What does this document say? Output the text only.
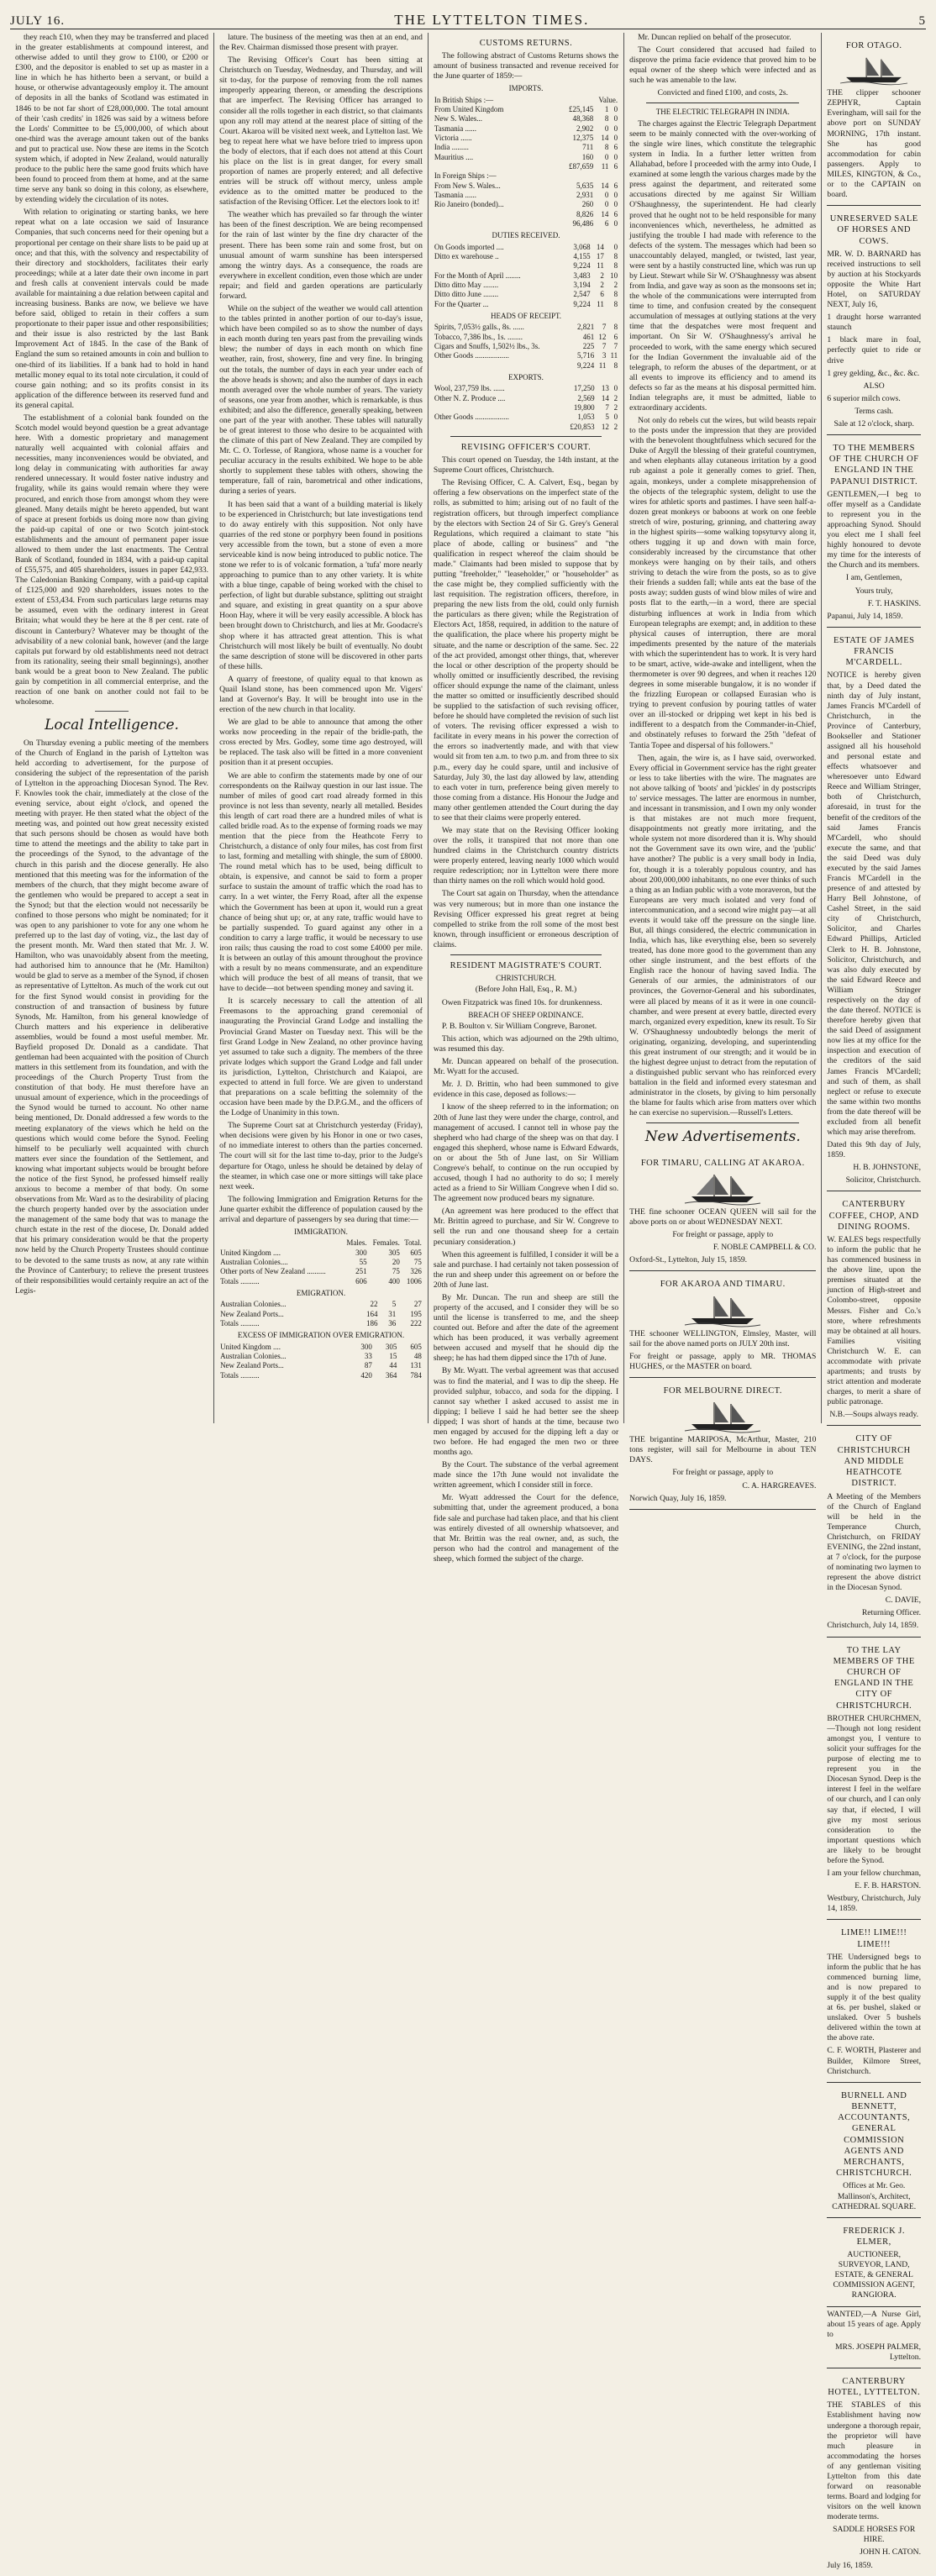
JULY 16.	THE LYTTELTON TIMES.	5

they reach £10, when they may be transferred and placed in the greater establishments at compound interest, and otherwise added to until they grow to £100, or £200 or £300, and the depositor is enabled to set up as master in a line in which he has hitherto been a servant, or build a house, or otherwise advantageously employ it. The amount of deposits in all the banks of Scotland was estimated in 1846 to be not far short of £28,000,000. The total amount of their 'cash credits' in 1826 was said by a witness before the Lords' Committee to be £5,000,000, of which about one-third was the average amount taken out of the banks and put to practical use. Now these are items in the Scotch system which, if adopted in New Zealand, would naturally produce to the public here the same good fruits which have been found to proceed from them at home, and at the same time serve any bank so doing in this colony, as elsewhere, by extending widely the circulation of its notes.

With relation to originating or starting banks, we here repeat what on a late occasion we said of Insurance Companies, that such concerns need for their opening but a proportional per centage on their share lists to be paid up at once; and that this, with the solvency and respectability of their directory and stockholders, facilitates their early proceedings; while at a later date their own income in part and fresh calls at convenient intervals could be made available for maintaining a due relation between capital and increasing business. Banks are now, we believe we have before said, obliged to retain in their coffers a sum proportionate to their paper issue and other responsibilities; and their issue is also restricted by the last Bank Improvement Act of 1845. In the case of the Bank of England the sum so retained amounts in coin and bullion to one-third of its liabilities. If a bank had to hold in hand metallic money equal to its total note circulation, it could of course gain nothing; and so its profits consist in its application of the difference between its reserved fund and its general capital.

The establishment of a colonial bank founded on the Scotch model would beyond question be a great advantage here. With a domestic proprietary and management naturally well acquainted with colonial affairs and necessities, many inconveniences would be obviated, and long delay in communicating with authorities far away rendered unnecessary. It would foster native industry and frugality, while its gains would remain where they were procured, and enrich those from amongst whom they were gleaned. Many details might be hereto appended, but want of space at present forbids us doing more now than giving the paid-up capital of one or two Scotch joint-stock establishments and the amount of permanent paper issue allowed to them under the last enactments. The Central Bank of Scotland, founded in 1834, with a paid-up capital of £55,575, and 405 shareholders, issues in paper £42,933. The Caledonian Banking Company, with a paid-up capital of £125,000 and 920 shareholders, issues notes to the extent of £53,434. From such particulars large returns may be assumed, even with the ordinary interest in Great Britain; what would they be here at the 8 per cent. rate of discount in Canterbury? Whatever may be thought of the advisability of a new colonial bank, however (and the large capitals put forward by old establishments need not detract from its rationality, seeing their small beginnings), another bank would be a great boon to New Zealand. The public gain by competition in all commercial enterprise, and the reaction of one bank on another could not fail to be wholesome.

Local Intelligence.

On Thursday evening a public meeting of the members of the Church of England in the parish of Lyttelton was held according to advertisement, for the purpose of considering the subject of the representation of the parish of Lyttelton in the approaching Diocesan Synod. The Rev. F. Knowles took the chair, immediately at the close of the evening service, about eight o'clock, and opened the meeting with prayer. He then stated what the object of the meeting was, and pointed out how great necessity existed that such persons should be chosen as would have both time to attend the meetings and the ability to take part in the proceedings of the Synod, to the advantage of the church in this parish and the diocese generally. He also mentioned that this meeting was for the information of the members of the church, that they might become aware of the gentlemen who would be prepared to accept a seat in the Synod; but that the election would not necessarily be confined to those persons who might be nominated; for it was open to any parishioner to vote for any one whom he preferred up to the last day of voting, viz., the last day of the present month. Mr. Ward then stated that Mr. J. W. Hamilton, who was unavoidably absent from the meeting, had authorised him to announce that he (Mr. Hamilton) would be glad to serve as a member of the Synod, if chosen as representative of Lyttelton. As much of the work cut out for the first Synod would consist in providing for the construction of and transaction of business by future Synods, Mr. Hamilton, from his general knowledge of Church matters and his experience in deliberative assemblies, would be found a most useful member. Mr. Bayfield proposed Dr. Donald as a candidate. That gentleman had been acquainted with the position of Church matters in this settlement from its foundation, and with the proceedings of the Church Property Trust from the constitution of that body. He must therefore have an unusual amount of experience, which in the proceedings of the Synod would be turned to account. No other name being mentioned, Dr. Donald addressed a few words to the meeting explanatory of the views which he held on the questions which would come before the Synod. Feeling himself to be peculiarly well acquainted with church matters ever since the foundation of the Settlement, and knowing what important subjects would be brought before the notice of the first Synod, he professed himself really anxious to become a member of that body. On some observations from Mr. Ward as to the desirability of placing the church property handed over by the association under the management of the same body that was to manage the church estate in the rest of the diocese, Dr. Donald added that his primary consideration would be that the property now held by the Church Property Trustees should continue to be devoted to the same trusts as now, at any rate within the Province of Canterbury; to relieve the present trustees of their responsibilities would certainly require an act of the Legis-

lature. The business of the meeting was then at an end, and the Rev. Chairman dismissed those present with prayer.

The Revising Officer's Court has been sitting at Christchurch on Tuesday, Wednesday, and Thursday, and will sit to-day, for the purpose of removing from the roll names improperly appearing thereon, or amending the descriptions that are imperfect. The Revising Officer has arranged to consider all the rolls together in each district, so that claimants upon any roll may attend at the nearest place of sitting of the Court. Akaroa will be visited next week, and Lyttelton last. We beg to repeat here what we have before tried to impress upon the body of electors, that if each does not attend at this Court his place on the list is in great danger, for every small proportion of names are properly entered; and all defective entries will be struck off without mercy, unless ample evidence as to the omitted matter be produced to the satisfaction of the Revising Officer. Let the electors look to it!

The weather which has prevailed so far through the winter has been of the finest description. We are being recompensed for the rain of last winter by the fine dry character of the present. There has been some rain and some frost, but on unusual amount of warm sunshine has been interspersed among the wintry days. As a consequence, the roads are everywhere in excellent condition, even those which are under repair; and field and garden operations are particularly forward.

While on the subject of the weather we would call attention to the tables printed in another portion of our to-day's issue, which have been compiled so as to show the number of days in each month during ten years past from the prevailing winds blew; the number of days in each month on which fine weather, rain, frost, showery, fine and very fine. In bringing out the totals, the number of days in each year under each of the above heads is shown; and also the number of days in each month averaged over the whole number of years. The variety of seasons, one year from another, which is remarkable, is thus exhibited; and also the difference, generally speaking, between one part of the year with another. These tables will naturally be of great interest to those who desire to be acquainted with the climate of this part of New Zealand. They are compiled by Mr. C. O. Torlesse, of Rangiora, whose name is a voucher for peculiar accuracy in the results exhibited. We hope to be able shortly to supplement these tables with others, showing the temperature, fall of rain, barometrical and other indications, during a series of years.

It has been said that a want of a building material is likely to be experienced in Christchurch; but late investigations tend to do away entirely with this supposition. Not only have quarries of the red stone or porphyry been found in positions very accessible from the town, but a stone of even a more serviceable kind is now being introduced to public notice. The stone we refer to is of volcanic formation, a 'tufa' more nearly approaching to pumice than to any other variety. It is white with a blue tinge, capable of being worked with the chisel to perfection, of light but durable substance, splitting out straight and square, and existing in great quantity on a spur above Hoon Hay, where it will be very easily accessible. A block has been brought down to Christchurch, and lies at Mr. Goodacre's shop where it has attracted great attention. This is what Christchurch will most likely be built of eventually. No doubt the same description of stone will be discovered in other parts of these hills.

A quarry of freestone, of quality equal to that known as Quail Island stone, has been commenced upon Mr. Vigers' land at Governor's Bay. It will be brought into use in the erection of the new church in that locality.

We are glad to be able to announce that among the other works now proceeding in the repair of the bridle-path, the cross erected by Mrs. Godley, some time ago destroyed, will be replaced. The task also will be fitted in a more convenient position than it at present occupies.

We are able to confirm the statements made by one of our correspondents on the Railway question in our last issue. The number of miles of good cart road already formed in this province is not less than seventy, nearly all metalled. Besides this length of cart road there are a hundred miles of what is called bridle road. As to the expense of forming roads we may mention that the piece from the Heathcote Ferry to Christchurch, a distance of only four miles, has cost from first to last, forming and metalling with shingle, the sum of £8000. The round metal which has to be used, being difficult to obtain, is expensive, and cannot be said to form a proper surface to sustain the amount of traffic which the road has to carry. In a wet winter, the Ferry Road, after all the expense which the Government has been at upon it, would run a great chance of being shut up; or, at any rate, traffic would have to be partially suspended. To guard against any other in a condition to carry a large traffic, it would be necessary to use iron rails; thus causing the road to cost some £4000 per mile. It is between an outlay of this amount throughout the province with a result by no means commensurate, and an expenditure which will produce the best of all means of transit, that we have to decide—not between spending money and saving it.

It is scarcely necessary to call the attention of all Freemasons to the approaching grand ceremonial of inaugurating the Provincial Grand Lodge and installing the Provincial Grand Master on Tuesday next. This will be the first Grand Lodge in New Zealand, no other province having yet assumed to take such a dignity. The members of the three private lodges which support the Grand Lodge and fall under its jurisdiction, Lyttelton, Christchurch and Kaiapoi, are expected to attend in full force. We are given to understand that preparations on a scale befitting the solemnity of the occasion have been made by the D.P.G.M., and the officers of the Lodge of Unanimity in this town.

The Supreme Court sat at Christchurch yesterday (Friday), when decisions were given by his Honor in one or two cases, of no immediate interest to others than the parties concerned. The court will sit for the last time to-day, prior to the Judge's departure for Otago, unless he should be detained by delay of the steamer, in which case one or more sittings will take place next week.

The following Immigration and Emigration Returns for the June quarter exhibit the difference of population caused by the arrival and departure of passengers by sea during that time:—

IMMIGRATION.
	Males.	Females.	Total.
United Kingdom ....	300	305	605
Australian Colonies....	55	20	75
Other ports of New Zealand ..........	251	75	326
Totals ..........	606	400	1006
EMIGRATION.
Australian Colonies...	22	5	27
New Zealand Ports...	164	31	195
Totals ..........	186	36	222
EXCESS OF IMMIGRATION OVER EMIGRATION.
United Kingdom ....	300	305	605
Australian Colonies...	33	15	48
New Zealand Ports...	87	44	131
Totals ..........	420	364	784
CUSTOMS RETURNS.

The following abstract of Customs Returns shows the amount of business transacted and revenue received for the June quarter of 1859:—

IMPORTS.
In British Ships :—	Value.		
From United Kingdom	£25,145	1	0
New S. Wales...	48,368	8	0
Tasmania ......	2,902	0	0
Victoria ......	12,375	14	0
India .........	711	8	6
Mauritius ....	160	0	0
	£87,659	11	6
In Foreign Ships :—			
From New S. Wales...	5,635	14	6
Tasmania ......	2,931	0	0
Rio Janeiro (bonded)...	260	0	0
	8,826	14	6
	96,486	6	0
DUTIES RECEIVED.
On Goods imported ....	3,068	14	0
Ditto ex warehouse ..	4,155	17	8
	9,224	11	8
For the Month of April ........	3,483	2	10
Ditto ditto May ........	3,194	2	2
Ditto ditto June ........	2,547	6	8
For the Quarter ...	9,224	11	8
HEADS OF RECEIPT.
Spirits, 7,053½ galls., 8s. ......	2,821	7	8
Tobacco, 7,386 lbs., 1s. ........	461	12	6
Cigars and Snuffs, 1,502½ lbs., 3s.	225	7	7
Other Goods ..................	5,716	3	11
	9,224	11	8
EXPORTS.
Wool, 237,759 lbs. ......	17,250	13	0
Other N. Z. Produce ....	2,569	14	2
	19,800	7	2
Other Goods ..................	1,053	5	0
	£20,853	12	2
REVISING OFFICER'S COURT.

This court opened on Tuesday, the 14th instant, at the Supreme Court offices, Christchurch.

The Revising Officer, C. A. Calvert, Esq., began by offering a few observations on the imperfect state of the rolls, as submitted to him; arising out of no fault of the registration officers, but through imperfect compliance by the electors with Section 24 of Sir G. Grey's General Regulations, which required a claimant to state "his place of abode, calling or business" and "the qualification in respect whereof the claim should be made." Claimants had been misled to suppose that by putting "freeholder," "leaseholder," or "householder" as the case might be, they complied sufficiently with the last requisition. The registration officers, therefore, in preparing the new lists from the old, could only furnish the particulars as there given; while the Registration of Electors Act, 1858, required, in addition to the nature of the qualification, the place where his property might be situate, and the name or description of the same. Sec. 22 of the act provided, amongst other things, that, wherever the local or other description of the property should be wholly omitted or insufficiently described, the revising officer should expunge the name of the claimant, unless the matter so omitted or insufficiently described should be supplied to the satisfaction of such revising officer, before he should have completed the revision of such list of voters. The revising officer expressed a wish to facilitate in every means in his power the correction of the errors so inadvertently made, and with that view would sit from ten a.m. to two p.m. and from three to six p.m., every day he could spare, until and inclusive of Saturday, July 30, the last day allowed by law, attending to each voter in turn, preference being given merely to those coming from a distance. His Honour the Judge and many other gentlemen attended the Court during the day to see that their claims were properly entered.

We may state that on the Revising Officer looking over the rolls, it transpired that not more than one hundred claims in the Christchurch country districts were properly entered, leaving nearly 1000 which would require redescription; nor in Lyttelton were there more than thirty names on the roll which would hold good.

The Court sat again on Thursday, when the attendance was very numerous; but in more than one instance the Revising Officer expressed his great regret at being compelled to strike from the roll some of the most best known, through insufficient or erroneous description of claims.

RESIDENT MAGISTRATE'S COURT.
CHRISTCHURCH.

(Before John Hall, Esq., R. M.)

Owen Fitzpatrick was fined 10s. for drunkenness.

BREACH OF SHEEP ORDINANCE.

P. B. Boulton v. Sir William Congreve, Baronet.

This action, which was adjourned on the 29th ultimo, was resumed this day.

Mr. Duncan appeared on behalf of the prosecution. Mr. Wyatt for the accused.

Mr. J. D. Brittin, who had been summoned to give evidence in this case, deposed as follows:—

I know of the sheep referred to in the information; on 20th of June last they were under the charge, control, and management of accused. I cannot tell in whose pay the shepherd who had charge of the sheep was on that day. I engaged this shepherd, whose name is Edward Edwards, on or about the 5th of June last, on Sir William Congreve's behalf, to continue on the run occupied by accused, though I had no authority to do so; I merely acted as a friend to Sir William Congreve when I did so. The agreement now produced bears my signature.

(An agreement was here produced to the effect that Mr. Brittin agreed to purchase, and Sir W. Congreve to sell the run and one thousand sheep for a certain pecuniary consideration.)

When this agreement is fulfilled, I consider it will be a sale and purchase. I had certainly not taken possession of the run and sheep under this agreement on or before the 20th of June last.

By Mr. Duncan. The run and sheep are still the property of the accused, and I consider they will be so until the license is transferred to me, and the sheep counted out. Before and after the date of the agreement which has been produced, it was verbally agreement between accused and myself that he should dip the sheep; he has had them dipped since the 17th of June.

By Mr. Wyatt. The verbal agreement was that accused was to find the material, and I was to dip the sheep. He provided sulphur, tobacco, and soda for the dipping. I cannot say whether I asked accused to assist me in dipping; I believe I said he had better see the sheep dipped; I was short of hands at the time, because two men engaged by accused for the dipping left a day or two before. He had engaged the men two or three months ago.

By the Court. The substance of the verbal agreement made since the 17th June would not invalidate the written agreement, which I consider still in force.

Mr. Wyatt addressed the Court for the defence, submitting that, under the agreement produced, a bona fide sale and purchase had taken place, and that his client was entirely divested of all ownership whatsoever, and that Mr. Brittin was the real owner, and, as such, the person who had the control and management of the sheep, which formed the subject of the charge.

Mr. Duncan replied on behalf of the prosecutor.

The Court considered that accused had failed to disprove the prima facie evidence that proved him to be equal owner of the sheep which were infected and as such he was amenable to the law.

Convicted and fined £100, and costs, 2s.

THE ELECTRIC TELEGRAPH IN INDIA.

The charges against the Electric Telegraph Department seem to be mainly connected with the over-working of the single wire lines, which constitute the telegraphic system in India. In a further letter written from Allahabad, before I proceeded with the army into Oude, I examined at some length the various charges made by the press against the department, and reiterated some accusations directed by me against Sir William O'Shaughnessy, the superintendent. He had clearly proved that he ought not to be held responsible for many inconveniences which, nevertheless, he admitted as justifying the trouble I had made with reference to the defects of the system. The messages which had been so unaccountably delayed, mangled, or twisted, last year, were sent by a hastily constructed line, which was run up by Lieut. Stewart while Sir W. O'Shaughnessy was absent from India, and gave way as soon as the monsoons set in; the whole of the communications were interrupted from time to time, and confusion created by the consequent accumulation of messages at outlying stations at the very time that the despatches were most frequent and important. On Sir W. O'Shaughnessy's arrival he proceeded to work, with the same energy which secured for the Indian Government the invaluable aid of the telegraph, to reform the abuses of the department, or at all events to improve its efficiency and to amend its defects so far as the means at his disposal permitted him. Indian telegraphs are, it must be admitted, liable to extraordinary accidents.

Not only do rebels cut the wires, but wild beasts repair to the posts under the impression that they are provided with the benevolent thoughtfulness which secured for the Duke of Argyll the blessing of their grateful countrymen, and when elephants allay cutaneous irritation by a good rub against a pole it generally comes to grief. Then, again, monkeys, under a complete misapprehension of the objects of the telegraphic system, delight to use the wires for athletic sports and pastimes. I have seen half-a-dozen great monkeys or baboons at work on one feeble stretch of wire, posturing, grinning, and chattering away in the highest spirits—some walking topsyturvy along it, others tugging it up and down with main force, considerably increased by the circumstance that other monkeys were hanging on by their tails, and others striving to detach the wire from the posts, so as to give their friends a sudden fall; while ants eat the base of the posts away; sudden gusts of wind blow miles of wire and posts flat to the earth,—in a word, there are special disturbing influences at work in India from which European telegraphs are exempt; and, in addition to these physical causes of interruption, there are moral impediments presented by the nature of the materials with which the superintendent has to work. It is very hard to be smart, active, wide-awake and intelligent, when the thermometer is over 90 degrees, and when it reaches 120 degrees in some miserable bungalow, it is no wonder if the frizzling European or collapsed Eurasian who is trying to prevent confusion by pouring tattles of water over an ill-stocked or dripping wet kept in his bed is indifferent to a despatch from the Commander-in-Chief, and obstinately refuses to forward the 25th "defeat of Tantia Topee and dispersal of his followers."

Then, again, the wire is, as I have said, overworked. Every official in Government service has the right greater or less to take liberties with the wire. The magnates are not above talking of 'boots' and 'pickles' in dy postscripts to' service messages. The latter are enormous in number, and incessant in transmission, and I own my only wonder is that mistakes are not much more frequent, disappointments not greatly more irritating, and the whole system not more disordered than it is. Why should not the Government save its own wire, and the 'public' have another? The public is a very small body in India, for, though it is a tolerably populous country, and has about 200,000,000 inhabitants, no one ever thinks of such a thing as an Indian public with a vote moraveron, but the Europeans are very much isolated and very fond of intercommunication, and a second wire might pay—at all events it would take off the pressure on the single line. But, all things considered, the electric communication in India, which has, like everything else, been so severely treated, has done more good to the government than any other single instrument, and the best efforts of the English race the honour of having saved India. The Generals of our armies, the administrators of our provinces, the Governor-General and his subordinates, were all placed by means of it as it were in one council-chamber, and were present at every battle, directed every march, organized every expedition, knew its result. To Sir W. O'Shaughnessy undoubtedly belongs the merit of originating, organizing, developing, and superintending this great instrument of our strength; and it would be in the highest degree unjust to detract from the reputation of a distinguished public servant who has reinforced every battalion in the field and informed every statesman and administrator in the closets, by giving to him personally the blame for faults which arise from matters over which he can exercise no supervision.—Russell's Letters.

New Advertisements.
FOR TIMARU, CALLING AT AKAROA.

THE fine schooner OCEAN QUEEN will sail for the above ports on or about WEDNESDAY NEXT.

For freight or passage, apply to

F. NOBLE CAMPBELL & CO.

Oxford-St., Lyttelton, July 15, 1859.

FOR AKAROA AND TIMARU.

THE schooner WELLINGTON, Elmsley, Master, will sail for the above named ports on JULY 20th inst.

For freight or passage, apply to MR. THOMAS HUGHES, or the MASTER on board.

FOR MELBOURNE DIRECT.

THE brigantine MARIPOSA, McArthur, Master, 210 tons register, will sail for Melbourne in about TEN DAYS.

For freight or passage, apply to

C. A. HARGREAVES.

Norwich Quay, July 16, 1859.

FOR OTAGO.

THE clipper schooner ZEPHYR, Captain Everingham, will sail for the above port on SUNDAY MORNING, 17th instant. She has good accommodation for cabin passengers. Apply to MILES, KINGTON, & Co., or to the CAPTAIN on board.

UNRESERVED SALE OF HORSES AND COWS.

MR. W. D. BARNARD has received instructions to sell by auction at his Stockyards opposite the White Hart Hotel, on SATURDAY NEXT, July 16,

1 draught horse warranted staunch

1 black mare in foal, perfectly quiet to ride or drive

1 grey gelding, &c., &c. &c.

ALSO

6 superior milch cows.

Terms cash.

Sale at 12 o'clock, sharp.

TO THE MEMBERS OF THE CHURCH OF ENGLAND IN THE PAPANUI DISTRICT.

GENTLEMEN,—I beg to offer myself as a Candidate to represent you in the approaching Synod. Should you elect me I shall feel highly honoured to devote my time for the interests of the Church and its members.

I am, Gentlemen,

Yours truly,

F. T. HASKINS.

Papanui, July 14, 1859.

ESTATE OF JAMES FRANCIS M'CARDELL.

NOTICE is hereby given that, by a Deed dated the ninth day of July instant, James Francis M'Cardell of Christchurch, in the Province of Canterbury, Bookseller and Stationer assigned all his household and personal estate and effects whatsoever and wheresoever unto Edward Reece and William Stringer, both of Christchurch, aforesaid, in trust for the benefit of the creditors of the said James Francis M'Cardell, who should execute the same, and that the said Deed was duly executed by the said James Francis M'Cardell in the presence of and attested by Harry Bell Johnstone, of Cashel Street, in the said city of Christchurch, Solicitor, and Charles Edward Phillips, Articled Clerk to H. B. Johnstone, Solicitor, Christchurch, and was also duly executed by the said Edward Reece and William Stringer respectively on the day of the date thereof. NOTICE is therefore hereby given that the said Deed of assignment now lies at my office for the inspection and execution of the creditors of the said James Francis M'Cardell; and such of them, as shall neglect or refuse to execute the same within two months from the date thereof will be excluded from all benefit which may arise therefrom.

Dated this 9th day of July, 1859.

H. B. JOHNSTONE,

Solicitor, Christchurch.

CANTERBURY COFFEE, CHOP, AND DINING ROOMS.

W. EALES begs respectfully to inform the public that he has commenced business in the above line, upon the premises situated at the junction of High-street and Colombo-street, opposite Messrs. Fisher and Co.'s store, where refreshments may be obtained at all hours. Families visiting Christchurch W. E. can accommodate with private apartments; and trusts by strict attention and moderate charges, to merit a share of public patronage.

N.B.—Soups always ready.

CITY OF CHRISTCHURCH AND MIDDLE HEATHCOTE DISTRICT.

A Meeting of the Members of the Church of England will be held in the Temperance Church, Christchurch, on FRIDAY EVENING, the 22nd instant, at 7 o'clock, for the purpose of nominating two laymen to represent the above district in the Diocesan Synod.

C. DAVIE,

Returning Officer.

Christchurch, July 14, 1859.

TO THE LAY MEMBERS OF THE CHURCH OF ENGLAND IN THE CITY OF CHRISTCHURCH.

BROTHER CHURCHMEN,—Though not long resident amongst you, I venture to solicit your suffrages for the purpose of electing me to represent you in the Diocesan Synod. Deep is the interest I feel in the welfare of our church, and I can only say that, if elected, I will give my most serious consideration to the important questions which are likely to be brought before the Synod.

I am your fellow churchman,

E. F. B. HARSTON.

Westbury, Christchurch, July 14, 1859.

LIME!! LIME!!! LIME!!!

THE Undersigned begs to inform the public that he has commenced burning lime, and is now prepared to supply it of the best quality at 6s. per bushel, slaked or unslaked. Over 5 bushels delivered within the town at the above rate.

C. F. WORTH, Plasterer and Builder, Kilmore Street, Christchurch.

BURNELL AND BENNETT, ACCOUNTANTS, GENERAL COMMISSION AGENTS AND MERCHANTS, CHRISTCHURCH.

Offices at Mr. Geo. Mallinson's, Architect, CATHEDRAL SQUARE.

FREDERICK J. ELMER,

AUCTIONEER, SURVEYOR, LAND, ESTATE, & GENERAL COMMISSION AGENT, RANGIORA.

WANTED,—A Nurse Girl, about 15 years of age. Apply to

MRS. JOSEPH PALMER, Lyttelton.

CANTERBURY HOTEL, LYTTELTON.

THE STABLES of this Establishment having now undergone a thorough repair, the proprietor will have much pleasure in accommodating the horses of any gentleman visiting Lyttelton from this date forward on reasonable terms. Board and lodging for visitors on the well known moderate terms.

SADDLE HORSES FOR HIRE.

JOHN H. CATON.

July 16, 1859.
